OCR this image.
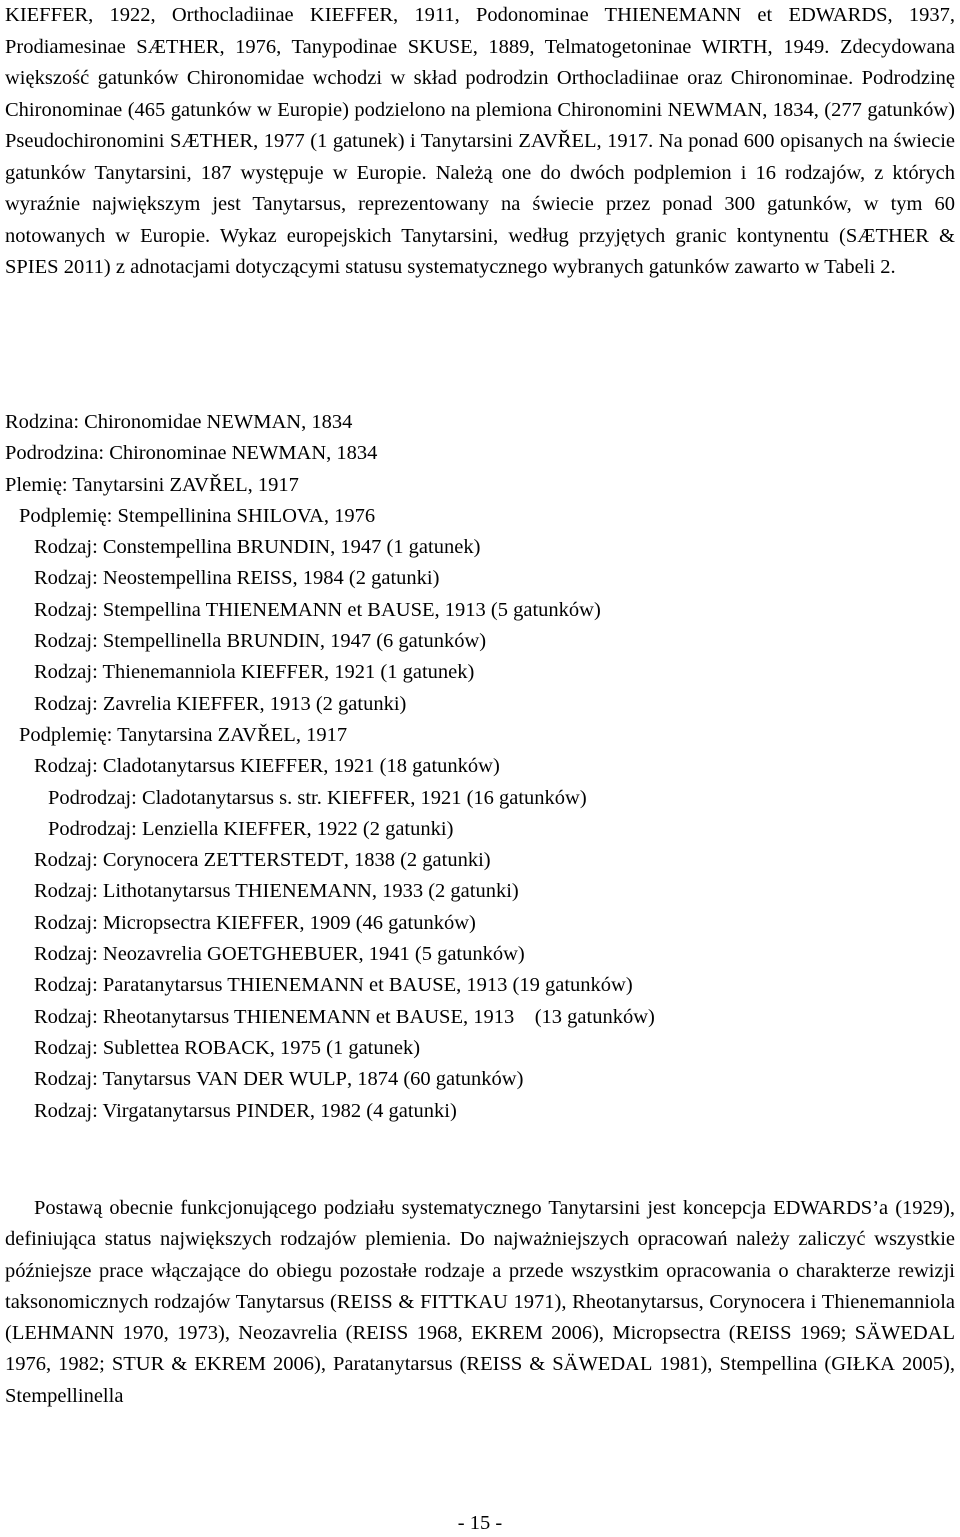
KIEFFER, 1922, Orthocladiinae KIEFFER, 1911, Podonominae THIENEMANN et EDWARDS, 1937, Prodiamesinae SÆTHER, 1976, Tanypodinae SKUSE, 1889, Telmatogetoninae WIRTH, 1949. Zdecydowana większość gatunków Chironomidae wchodzi w skład podrodzin Orthocladiinae oraz Chironominae. Podrodzinę Chironominae (465 gatunków w Europie) podzielono na plemiona Chironomini NEWMAN, 1834, (277 gatunków) Pseudochironomini SÆTHER, 1977 (1 gatunek) i Tanytarsini ZAVŘEL, 1917. Na ponad 600 opisanych na świecie gatunków Tanytarsini, 187 występuje w Europie. Należą one do dwóch podplemion i 16 rodzajów, z których wyraźnie największym jest Tanytarsus, reprezentowany na świecie przez ponad 300 gatunków, w tym 60 notowanych w Europie. Wykaz europejskich Tanytarsini, według przyjętych granic kontynentu (SÆTHER & SPIES 2011) z adnotacjami dotyczącymi statusu systematycznego wybranych gatunków zawarto w Tabeli 2.

Rodzina: Chironomidae NEWMAN, 1834
Podrodzina: Chironominae NEWMAN, 1834
Plemię: Tanytarsini ZAVŘEL, 1917
Podplemię: Stempellinina SHILOVA, 1976
Rodzaj: Constempellina BRUNDIN, 1947 (1 gatunek)
Rodzaj: Neostempellina REISS, 1984 (2 gatunki)
Rodzaj: Stempellina THIENEMANN et BAUSE, 1913 (5 gatunków)
Rodzaj: Stempellinella BRUNDIN, 1947 (6 gatunków)
Rodzaj: Thienemanniola KIEFFER, 1921 (1 gatunek)
Rodzaj: Zavrelia KIEFFER, 1913 (2 gatunki)
Podplemię: Tanytarsina ZAVŘEL, 1917
Rodzaj: Cladotanytarsus KIEFFER, 1921 (18 gatunków)
Podrodzaj: Cladotanytarsus s. str. KIEFFER, 1921 (16 gatunków)
Podrodzaj: Lenziella KIEFFER, 1922 (2 gatunki)
Rodzaj: Corynocera ZETTERSTEDT, 1838 (2 gatunki)
Rodzaj: Lithotanytarsus THIENEMANN, 1933 (2 gatunki)
Rodzaj: Micropsectra KIEFFER, 1909 (46 gatunków)
Rodzaj: Neozavrelia GOETGHEBUER, 1941 (5 gatunków)
Rodzaj: Paratanytarsus THIENEMANN et BAUSE, 1913 (19 gatunków)
Rodzaj: Rheotanytarsus THIENEMANN et BAUSE, 1913    (13 gatunków)
Rodzaj: Sublettea ROBACK, 1975 (1 gatunek)
Rodzaj: Tanytarsus VAN DER WULP, 1874 (60 gatunków)
Rodzaj: Virgatanytarsus PINDER, 1982 (4 gatunki)

Postawą obecnie funkcjonującego podziału systematycznego Tanytarsini jest koncepcja EDWARDS’a (1929), definiująca status największych rodzajów plemienia. Do najważniejszych opracowań należy zaliczyć wszystkie późniejsze prace włączające do obiegu pozostałe rodzaje a przede wszystkim opracowania o charakterze rewizji taksonomicznych rodzajów Tanytarsus (REISS & FITTKAU 1971), Rheotanytarsus, Corynocera i Thienemanniola (LEHMANN 1970, 1973), Neozavrelia (REISS 1968, EKREM 2006), Micropsectra (REISS 1969; SÄWEDAL 1976, 1982; STUR & EKREM 2006), Paratanytarsus (REISS & SÄWEDAL 1981), Stempellina (GIŁKA 2005), Stempellinella

- 15 -
